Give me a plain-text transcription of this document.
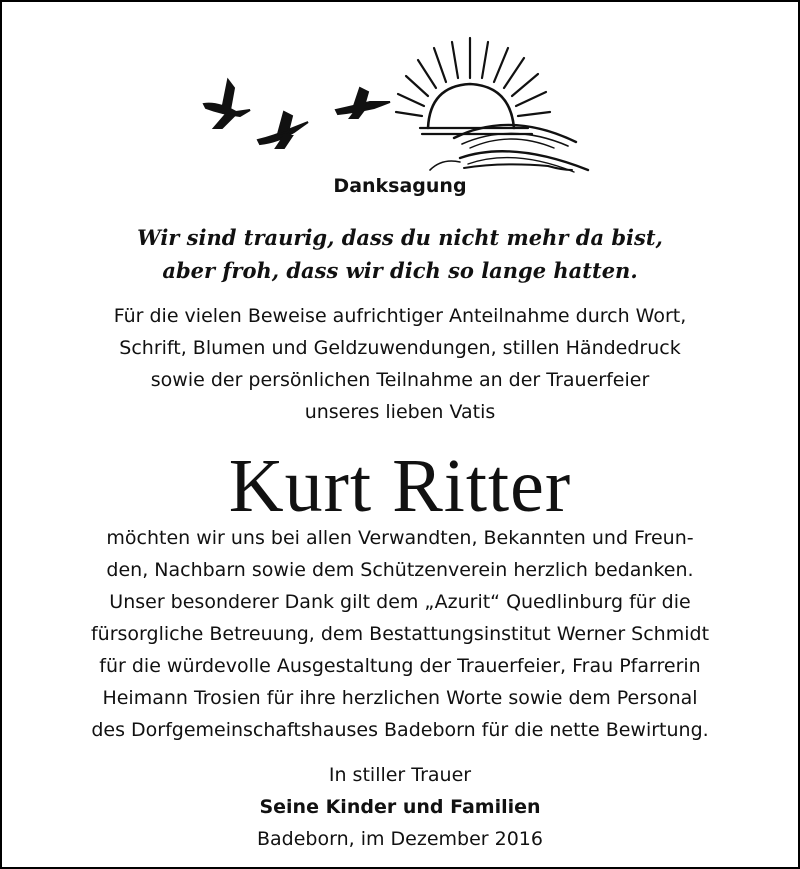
Danksagung
Wir sind traurig, dass du nicht mehr da bist,
aber froh, dass wir dich so lange hatten.
Für die vielen Beweise aufrichtiger Anteilnahme durch Wort,
Schrift, Blumen und Geldzuwendungen, stillen Händedruck
sowie der persönlichen Teilnahme an der Trauerfeier
unseres lieben Vatis
Kurt Ritter
möchten wir uns bei allen Verwandten, Bekannten und Freun-
den, Nachbarn sowie dem Schützenverein herzlich bedanken.
Unser besonderer Dank gilt dem „Azurit“ Quedlinburg für die
fürsorgliche Betreuung, dem Bestattungsinstitut Werner Schmidt
für die würdevolle Ausgestaltung der Trauerfeier, Frau Pfarrerin
Heimann Trosien für ihre herzlichen Worte sowie dem Personal
des Dorfgemeinschaftshauses Badeborn für die nette Bewirtung.
In stiller Trauer
Seine Kinder und Familien
Badeborn, im Dezember 2016
